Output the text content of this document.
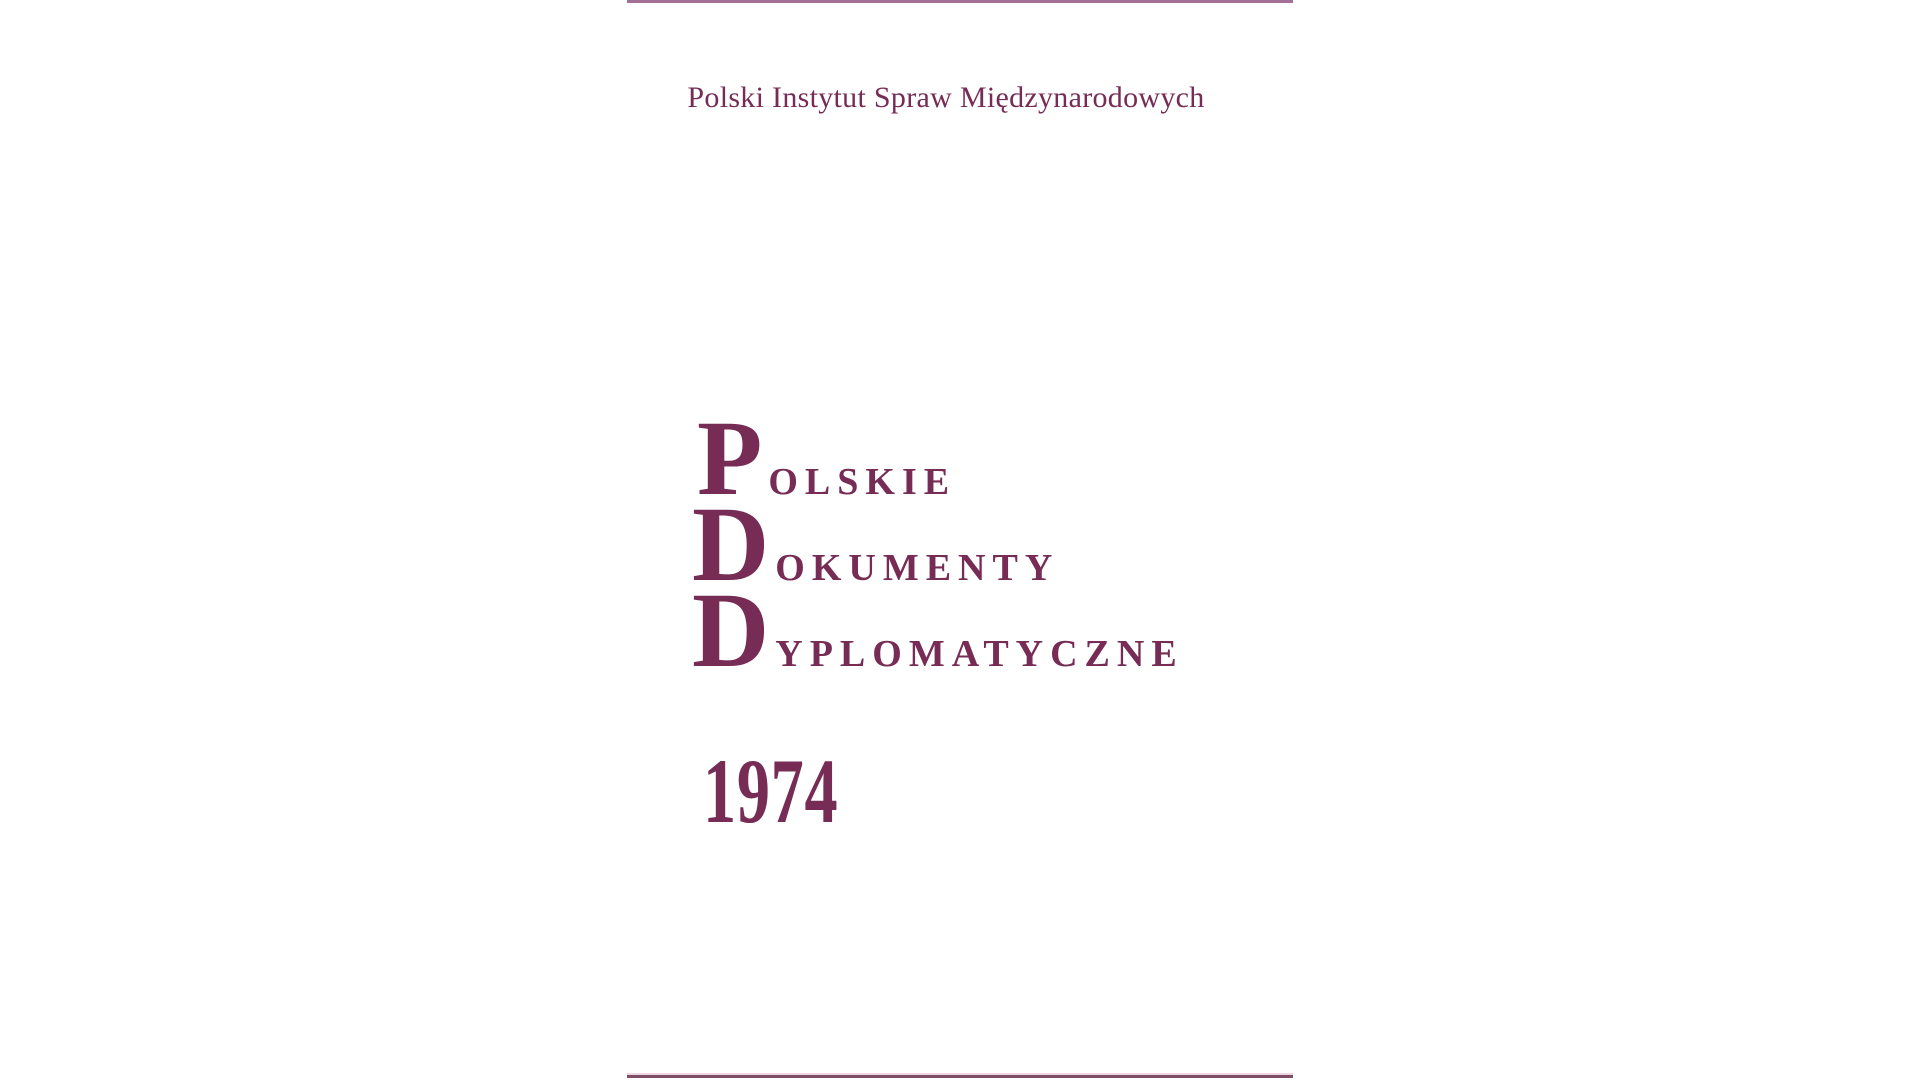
Polski Instytut Spraw Międzynarodowych
POLSKIE
DOKUMENTY
DYPLOMATYCZNE
1974
